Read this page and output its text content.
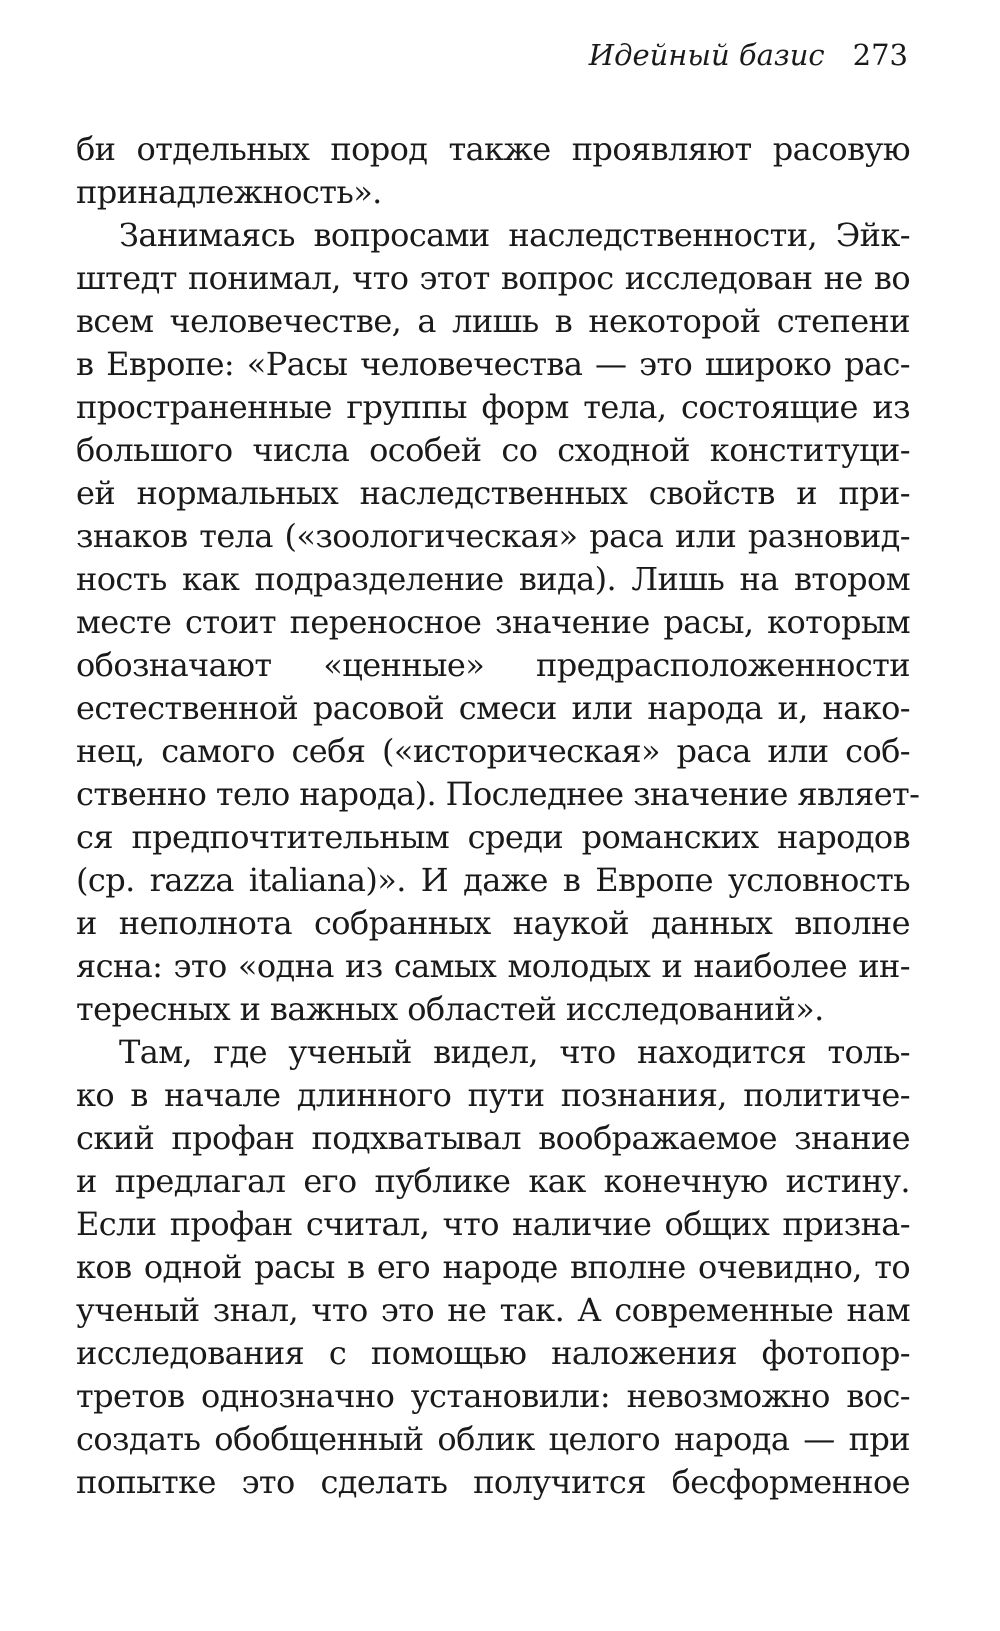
Идейный базис 273
би отдельных пород также проявляют расовую
принадлежность».
Занимаясь вопросами наследственности, Эйк-
штедт понимал, что этот вопрос исследован не во
всем человечестве, а лишь в некоторой степени
в Европе: «Расы человечества — это широко рас-
пространенные группы форм тела, состоящие из
большого числа особей со сходной конституци-
ей нормальных наследственных свойств и при-
знаков тела («зоологическая» раса или разновид-
ность как подразделение вида). Лишь на втором
месте стоит переносное значение расы, которым
обозначают «ценные» предрасположенности
естественной расовой смеси или народа и, нако-
нец, самого себя («историческая» раса или соб-
ственно тело народа). Последнее значение являет-
ся предпочтительным среди романских народов
(ср. razza italiana)». И даже в Европе условность
и неполнота собранных наукой данных вполне
ясна: это «одна из самых молодых и наиболее ин-
тересных и важных областей исследований».
Там, где ученый видел, что находится толь-
ко в начале длинного пути познания, политиче-
ский профан подхватывал воображаемое знание
и предлагал его публике как конечную истину.
Если профан считал, что наличие общих призна-
ков одной расы в его народе вполне очевидно, то
ученый знал, что это не так. А современные нам
исследования с помощью наложения фотопор-
третов однозначно установили: невозможно вос-
создать обобщенный облик целого народа — при
попытке это сделать получится бесформенное
